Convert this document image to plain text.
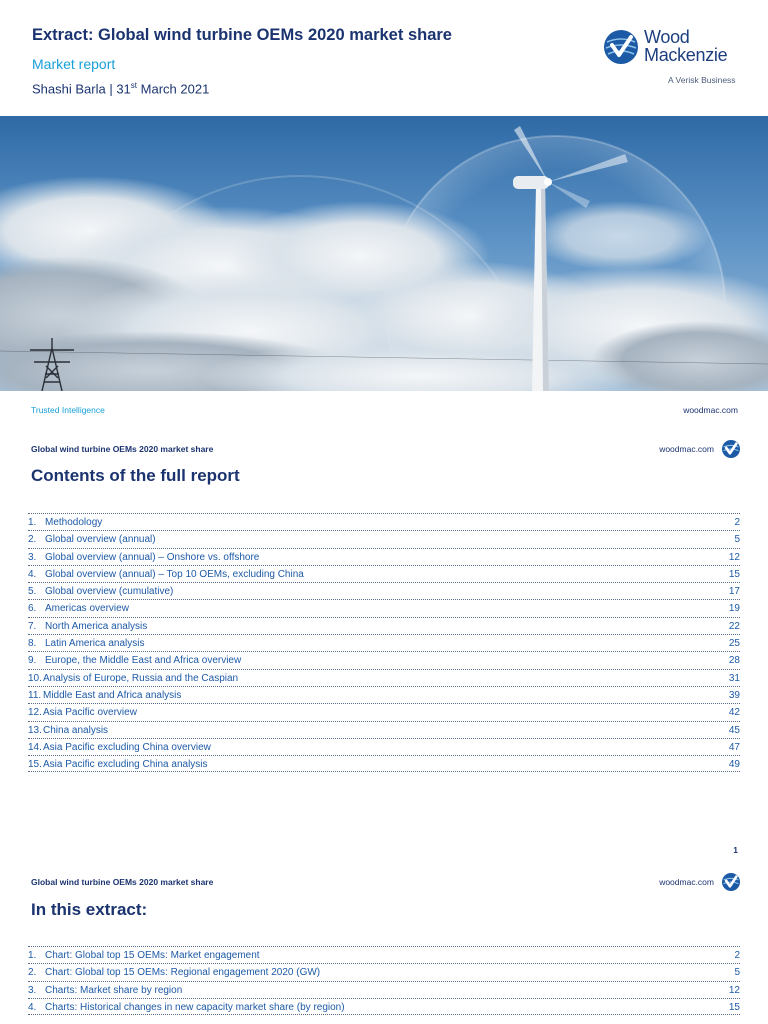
Extract: Global wind turbine OEMs 2020 market share
Market report
Shashi Barla | 31st March 2021
Wood
Mackenzie
A Verisk Business
Trusted Intelligence	woodmac.com
Global wind turbine OEMs 2020 market share	woodmac.com
Contents of the full report
1. Methodology	2
2. Global overview (annual)	5
3. Global overview (annual) – Onshore vs. offshore	12
4. Global overview (annual) – Top 10 OEMs, excluding China	15
5. Global overview (cumulative)	17
6. Americas overview	19
7. North America analysis	22
8. Latin America analysis	25
9. Europe, the Middle East and Africa overview	28
10. Analysis of Europe, Russia and the Caspian	31
11. Middle East and Africa analysis	39
12. Asia Pacific overview	42
13. China analysis	45
14. Asia Pacific excluding China overview	47
15. Asia Pacific excluding China analysis	49
1
Global wind turbine OEMs 2020 market share	woodmac.com
In this extract:
1. Chart: Global top 15 OEMs: Market engagement	2
2. Chart: Global top 15 OEMs: Regional engagement 2020 (GW)	5
3. Charts: Market share by region	12
4. Charts: Historical changes in new capacity market share (by region)	15
